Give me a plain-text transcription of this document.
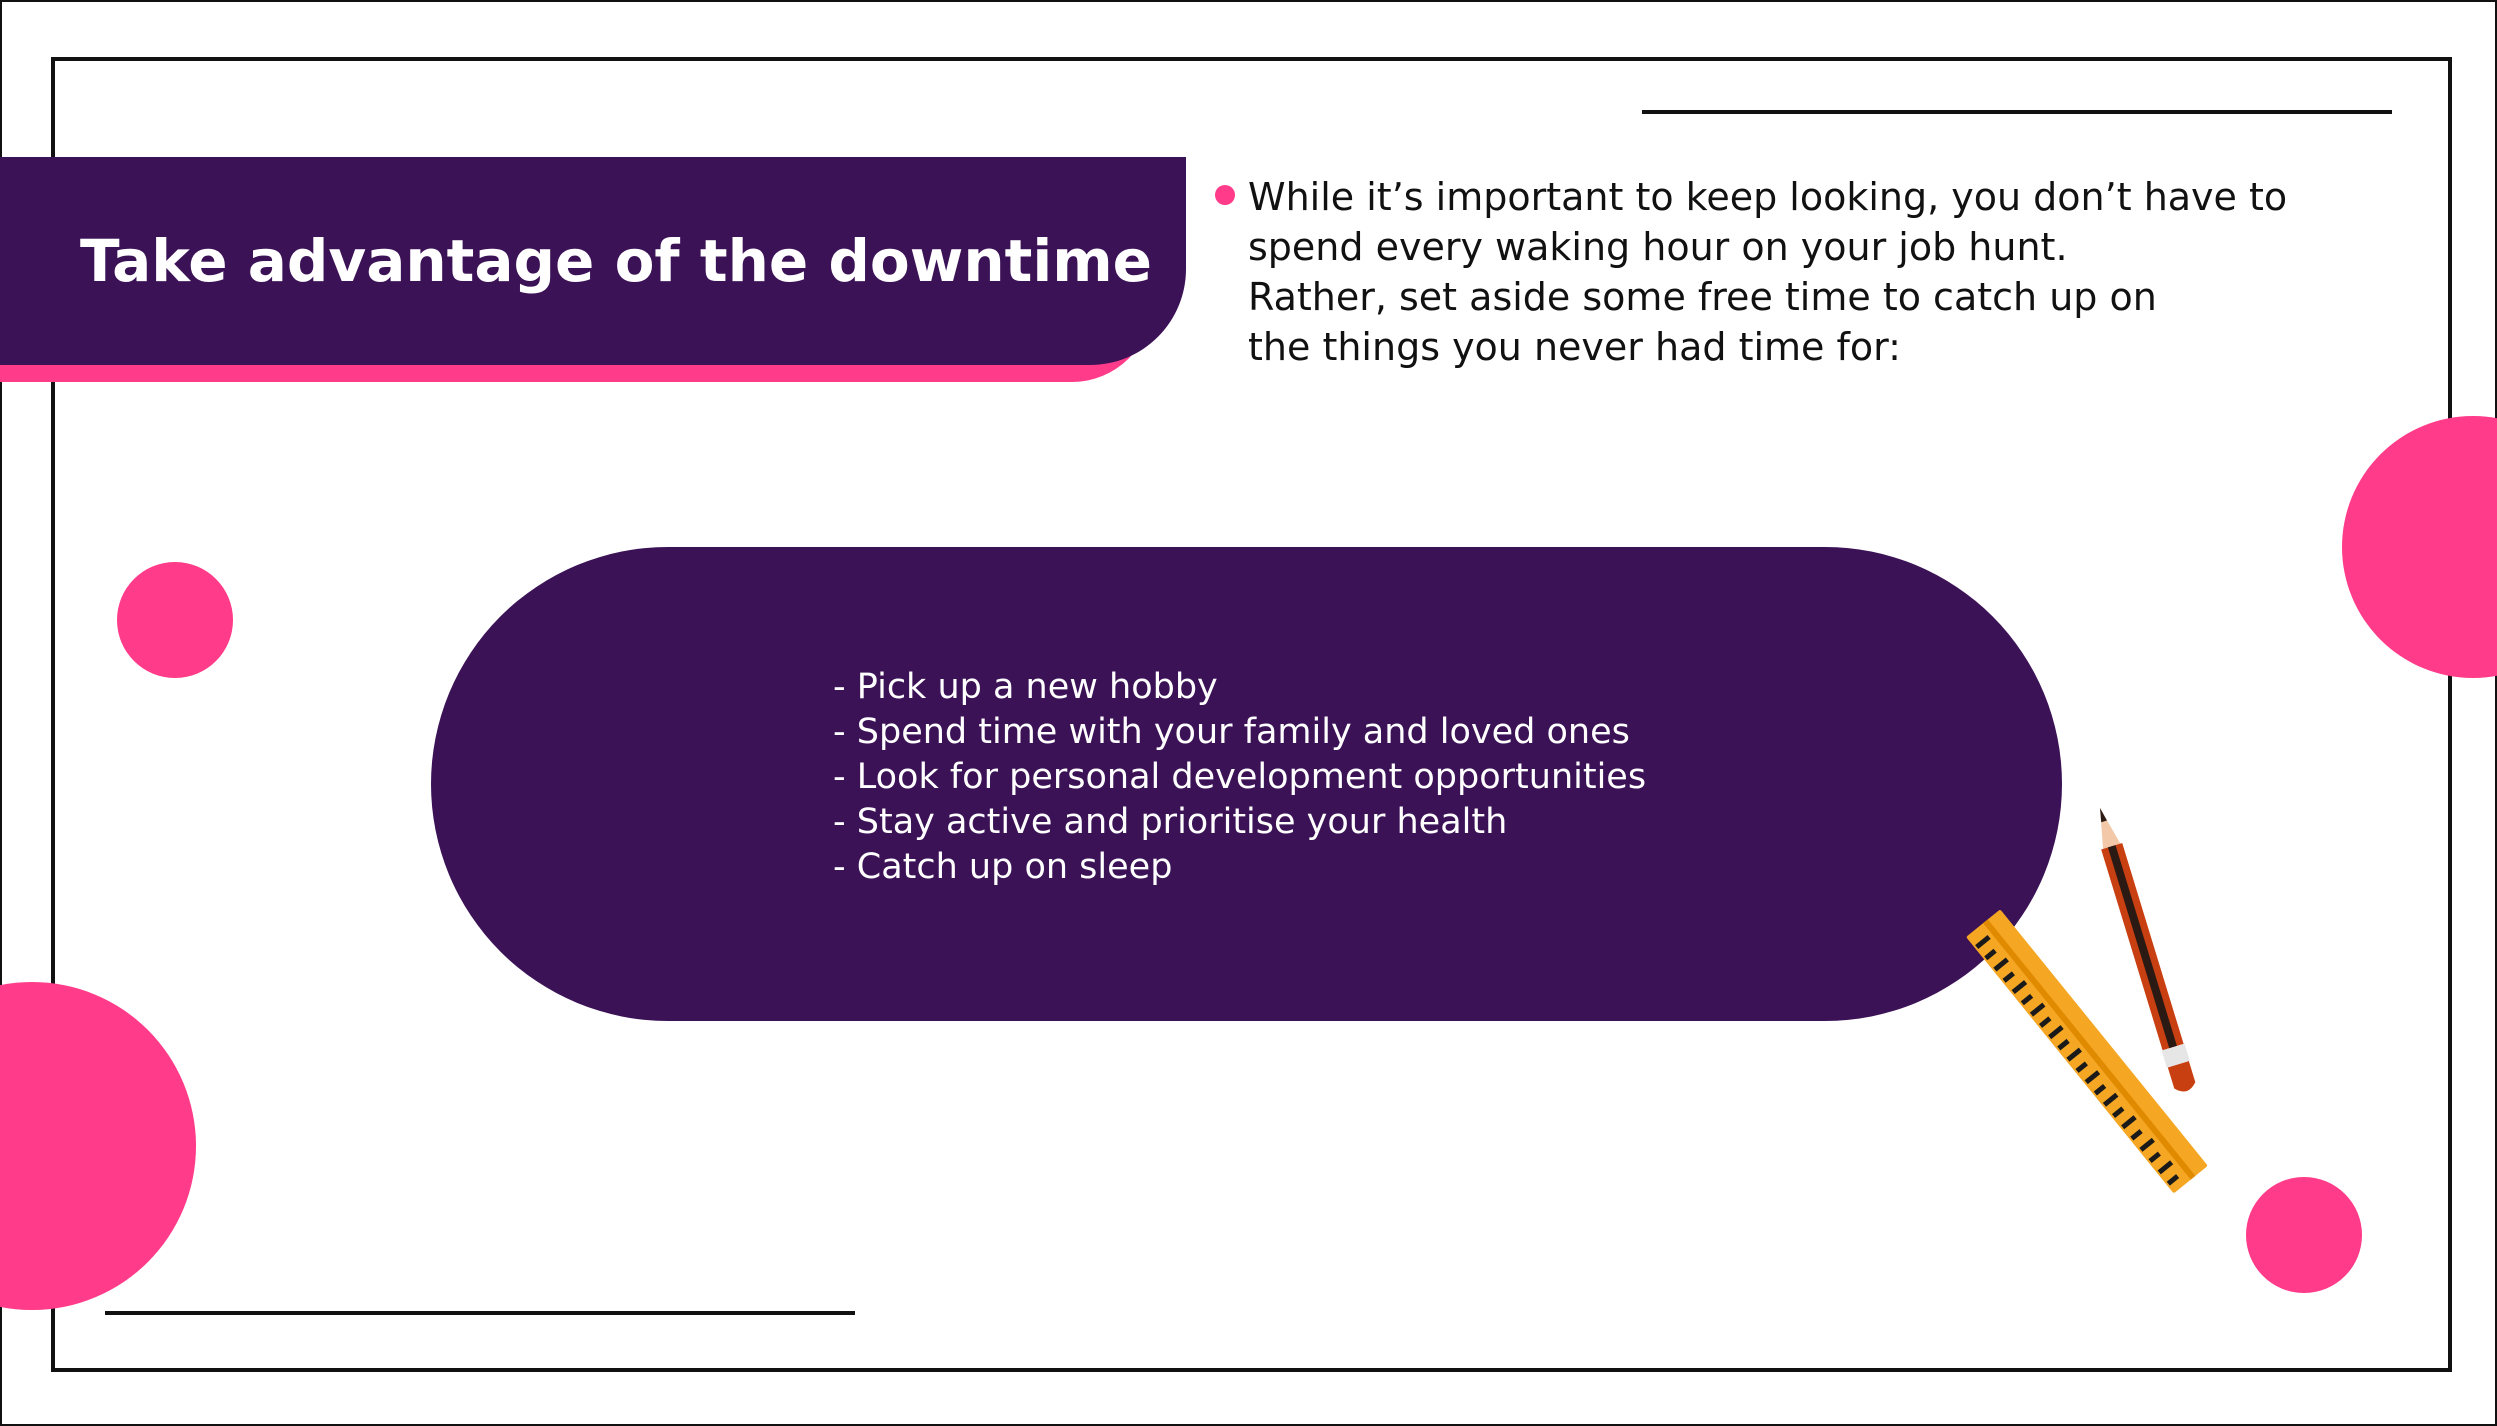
Take advantage of the downtime
While it’s important to keep looking, you don’t have to
spend every waking hour on your job hunt.
Rather, set aside some free time to catch up on
the things you never had time for:
- Pick up a new hobby
- Spend time with your family and loved ones
- Look for personal development opportunities
- Stay active and prioritise your health
- Catch up on sleep
